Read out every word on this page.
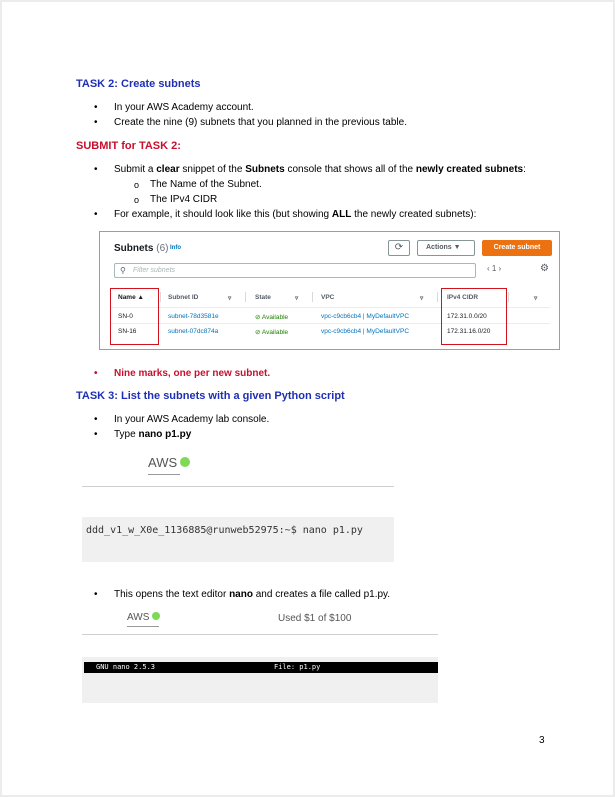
TASK 2: Create subnets
• In your AWS Academy account.
• Create the nine (9) subnets that you planned in the previous table.
SUBMIT for TASK 2:
• Submit a clear snippet of the Subnets console that shows all of the newly created subnets:
o The Name of the Subnet.
o The IPv4 CIDR
• For example, it should look like this (but showing ALL the newly created subnets):
Subnets (6) Info	⟳	Actions ▼	Create subnet
⚲ Filter subnets	‹ 1 ›	⚙
Name ▲	Subnet ID	▿	State	▿	VPC	▿	IPv4 CIDR	▿
SN-0	subnet-78d3581e	⊘ Available	vpc-c9cb6cb4 | MyDefaultVPC	172.31.0.0/20
SN-16	subnet-07dc874a	⊘ Available	vpc-c9cb6cb4 | MyDefaultVPC	172.31.16.0/20
• Nine marks, one per new subnet.
TASK 3: List the subnets with a given Python script
• In your AWS Academy lab console.
• Type nano p1.py
AWS
ddd_v1_w_X0e_1136885@runweb52975:~$ nano p1.py
• This opens the text editor nano and creates a file called p1.py.
AWS	Used $1 of $100
GNU nano 2.5.3	File: p1.py
3
